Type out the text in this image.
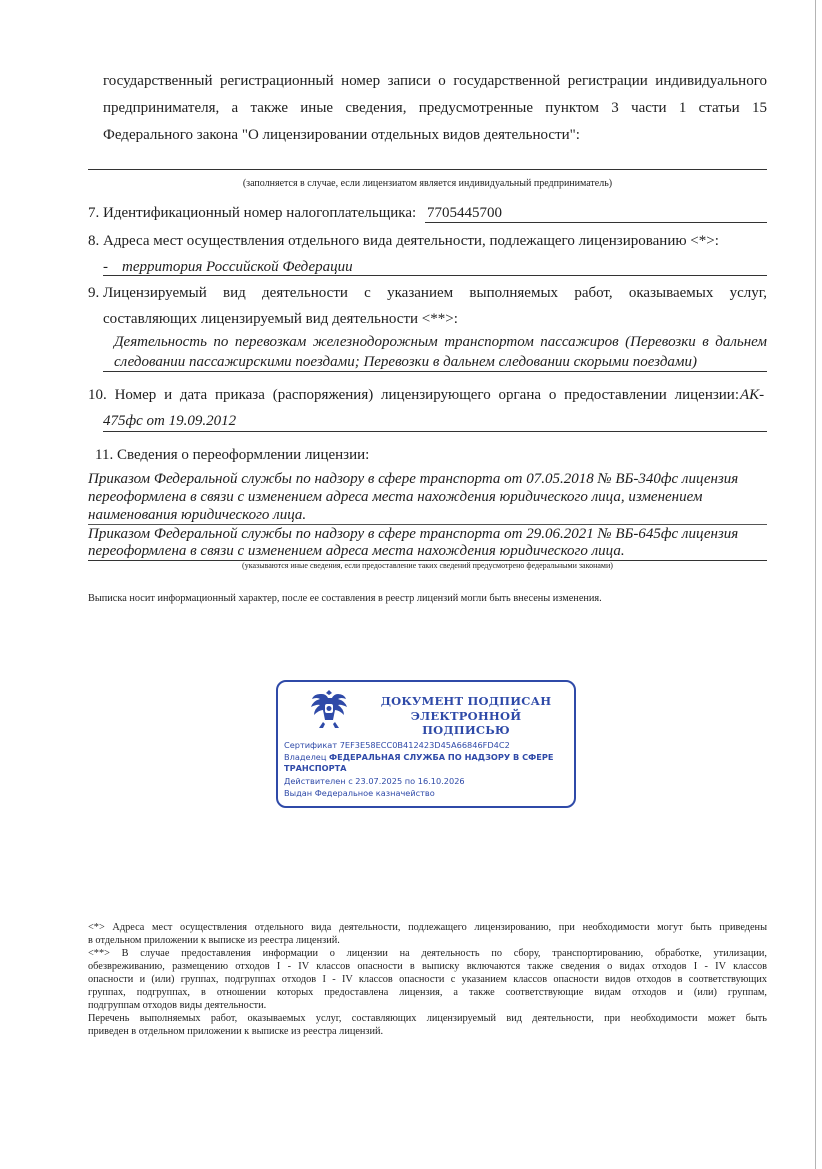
государственный регистрационный номер записи о государственной регистрации индивидуального
предпринимателя, а также иные сведения, предусмотренные пунктом 3 части 1 статьи 15
Федерального закона "О лицензировании отдельных видов деятельности":
(заполняется в случае, если лицензиатом является индивидуальный предприниматель)
7. Идентификационный номер налогоплательщика: 7705445700
8. Адреса мест осуществления отдельного вида деятельности, подлежащего лицензированию <*>:
- территория Российской Федерации
9. Лицензируемый вид деятельности с указанием выполняемых работ, оказываемых услуг,
составляющих лицензируемый вид деятельности <**>:
Деятельность по перевозкам железнодорожным транспортом пассажиров (Перевозки в дальнем
следовании пассажирскими поездами; Перевозки в дальнем следовании скорыми поездами)
10. Номер и дата приказа (распоряжения) лицензирующего органа о предоставлении лицензии: АК-
475фс от 19.09.2012
11. Сведения о переоформлении лицензии:
Приказом Федеральной службы по надзору в сфере транспорта от 07.05.2018 № ВБ-340фс лицензия
переоформлена в связи с изменением адреса места нахождения юридического лица, изменением
наименования юридического лица.
Приказом Федеральной службы по надзору в сфере транспорта от 29.06.2021 № ВБ-645фс лицензия
переоформлена в связи с изменением адреса места нахождения юридического лица.
(указываются иные сведения, если предоставление таких сведений предусмотрено федеральными законами)
Выписка носит информационный характер, после ее составления в реестр лицензий могли быть внесены изменения.
ДОКУМЕНТ ПОДПИСАН
ЭЛЕКТРОННОЙ ПОДПИСЬЮ
Сертификат 7EF3E58ECC0B412423D45A66846FD4C2
Владелец ФЕДЕРАЛЬНАЯ СЛУЖБА ПО НАДЗОРУ В СФЕРЕ
ТРАНСПОРТА
Действителен с 23.07.2025 по 16.10.2026
Выдан Федеральное казначейство
<*> Адреса мест осуществления отдельного вида деятельности, подлежащего лицензированию, при необходимости могут быть приведены
в отдельном приложении к выписке из реестра лицензий.
<**> В случае предоставления информации о лицензии на деятельность по сбору, транспортированию, обработке, утилизации,
обезвреживанию, размещению отходов I - IV классов опасности в выписку включаются также сведения о видах отходов I - IV классов
опасности и (или) группах, подгруппах отходов I - IV классов опасности с указанием классов опасности видов отходов в соответствующих
группах, подгруппах, в отношении которых предоставлена лицензия, а также соответствующие видам отходов и (или) группам,
подгруппам отходов виды деятельности.
Перечень выполняемых работ, оказываемых услуг, составляющих лицензируемый вид деятельности, при необходимости может быть
приведен в отдельном приложении к выписке из реестра лицензий.
